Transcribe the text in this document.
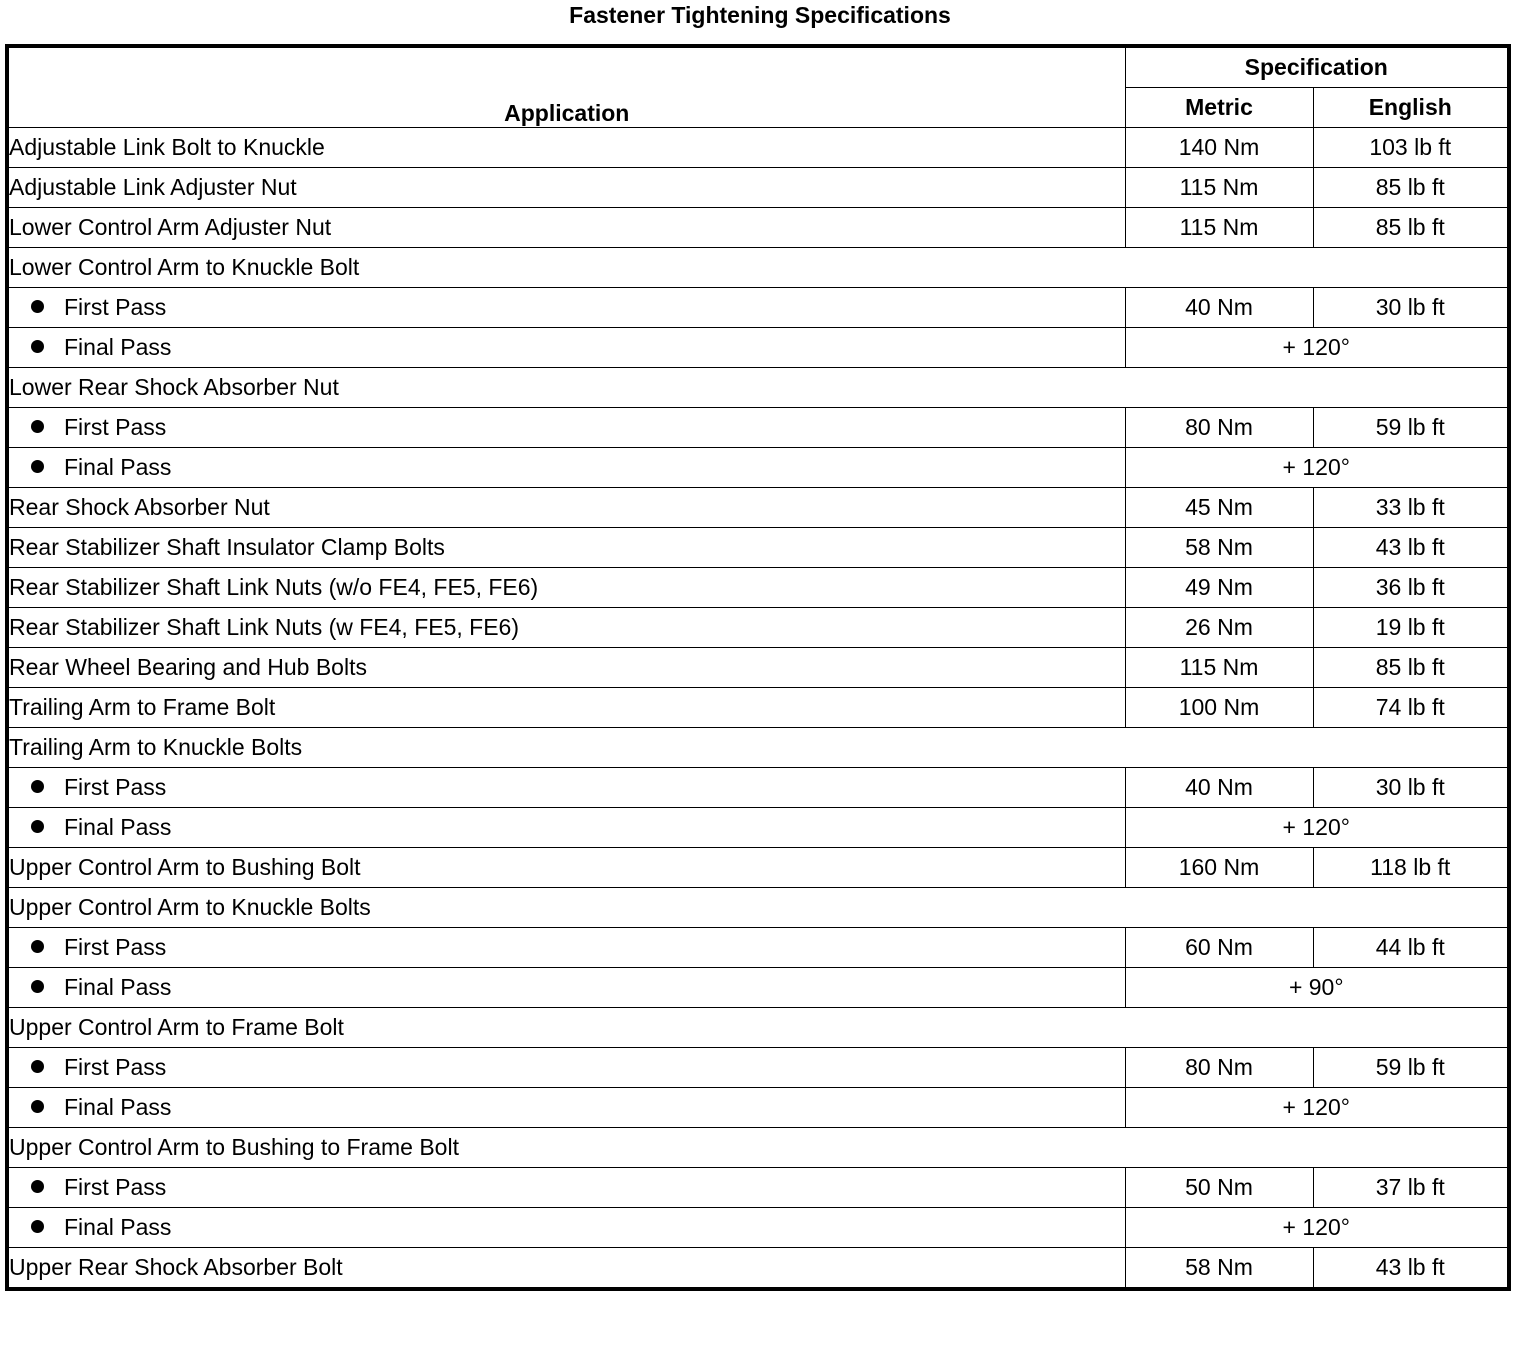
Fastener Tightening Specifications
Application	Specification	
	Metric	English
Adjustable Link Bolt to Knuckle	140 Nm	103 lb ft
Adjustable Link Adjuster Nut	115 Nm	85 lb ft
Lower Control Arm Adjuster Nut	115 Nm	85 lb ft
Lower Control Arm to Knuckle Bolt		
First Pass	40 Nm	30 lb ft
Final Pass	+ 120°	
Lower Rear Shock Absorber Nut		
First Pass	80 Nm	59 lb ft
Final Pass	+ 120°	
Rear Shock Absorber Nut	45 Nm	33 lb ft
Rear Stabilizer Shaft Insulator Clamp Bolts	58 Nm	43 lb ft
Rear Stabilizer Shaft Link Nuts (w/o FE4, FE5, FE6)	49 Nm	36 lb ft
Rear Stabilizer Shaft Link Nuts (w FE4, FE5, FE6)	26 Nm	19 lb ft
Rear Wheel Bearing and Hub Bolts	115 Nm	85 lb ft
Trailing Arm to Frame Bolt	100 Nm	74 lb ft
Trailing Arm to Knuckle Bolts		
First Pass	40 Nm	30 lb ft
Final Pass	+ 120°	
Upper Control Arm to Bushing Bolt	160 Nm	118 lb ft
Upper Control Arm to Knuckle Bolts		
First Pass	60 Nm	44 lb ft
Final Pass	+ 90°	
Upper Control Arm to Frame Bolt		
First Pass	80 Nm	59 lb ft
Final Pass	+ 120°	
Upper Control Arm to Bushing to Frame Bolt		
First Pass	50 Nm	37 lb ft
Final Pass	+ 120°	
Upper Rear Shock Absorber Bolt	58 Nm	43 lb ft
